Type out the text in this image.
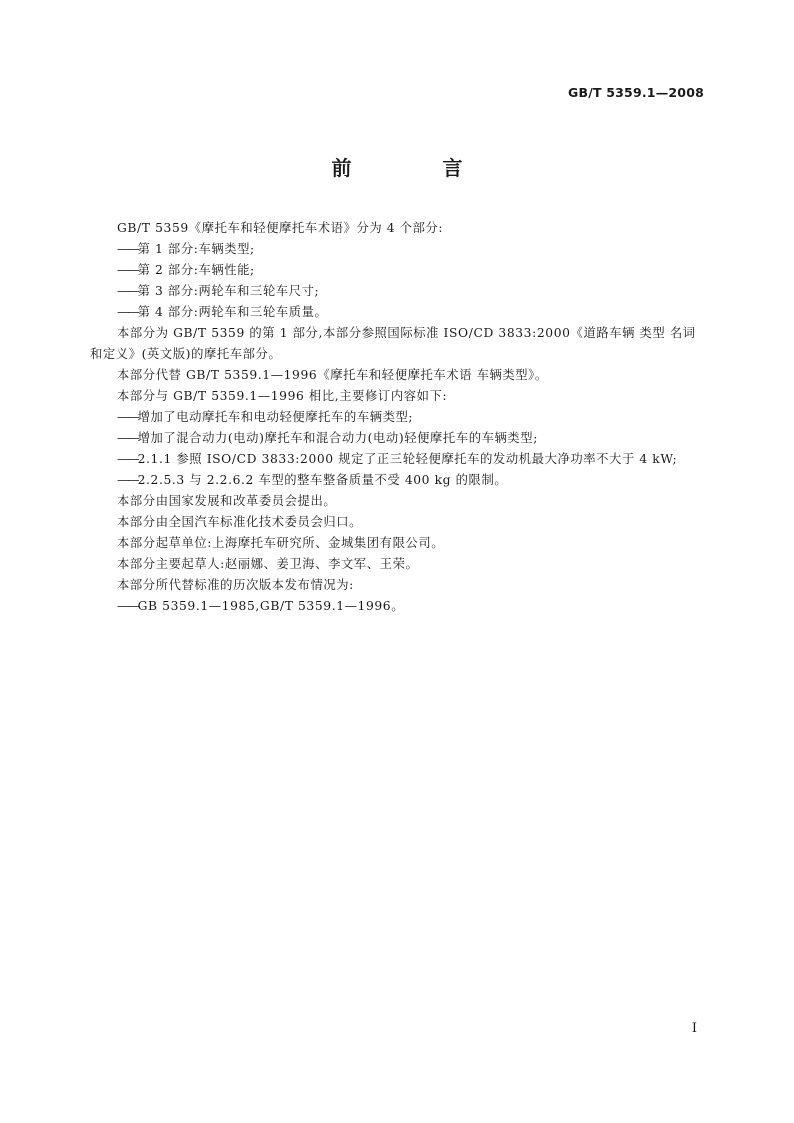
GB/T 5359.1—2008
前 言

GB/T 5359《摩托车和轻便摩托车术语》分为 4 个部分:

——第 1 部分:车辆类型;

——第 2 部分:车辆性能;

——第 3 部分:两轮车和三轮车尺寸;

——第 4 部分:两轮车和三轮车质量。

本部分为 GB/T 5359 的第 1 部分,本部分参照国际标准 ISO/CD 3833:2000《道路车辆 类型 名词和定义》(英文版)的摩托车部分。

本部分代替 GB/T 5359.1—1996《摩托车和轻便摩托车术语 车辆类型》。

本部分与 GB/T 5359.1—1996 相比,主要修订内容如下:

——增加了电动摩托车和电动轻便摩托车的车辆类型;

——增加了混合动力(电动)摩托车和混合动力(电动)轻便摩托车的车辆类型;

——2.1.1 参照 ISO/CD 3833:2000 规定了正三轮轻便摩托车的发动机最大净功率不大于 4 kW;

——2.2.5.3 与 2.2.6.2 车型的整车整备质量不受 400 kg 的限制。

本部分由国家发展和改革委员会提出。

本部分由全国汽车标准化技术委员会归口。

本部分起草单位:上海摩托车研究所、金城集团有限公司。

本部分主要起草人:赵丽娜、姜卫海、李文军、王荣。

本部分所代替标准的历次版本发布情况为:

——GB 5359.1—1985,GB/T 5359.1—1996。

I
